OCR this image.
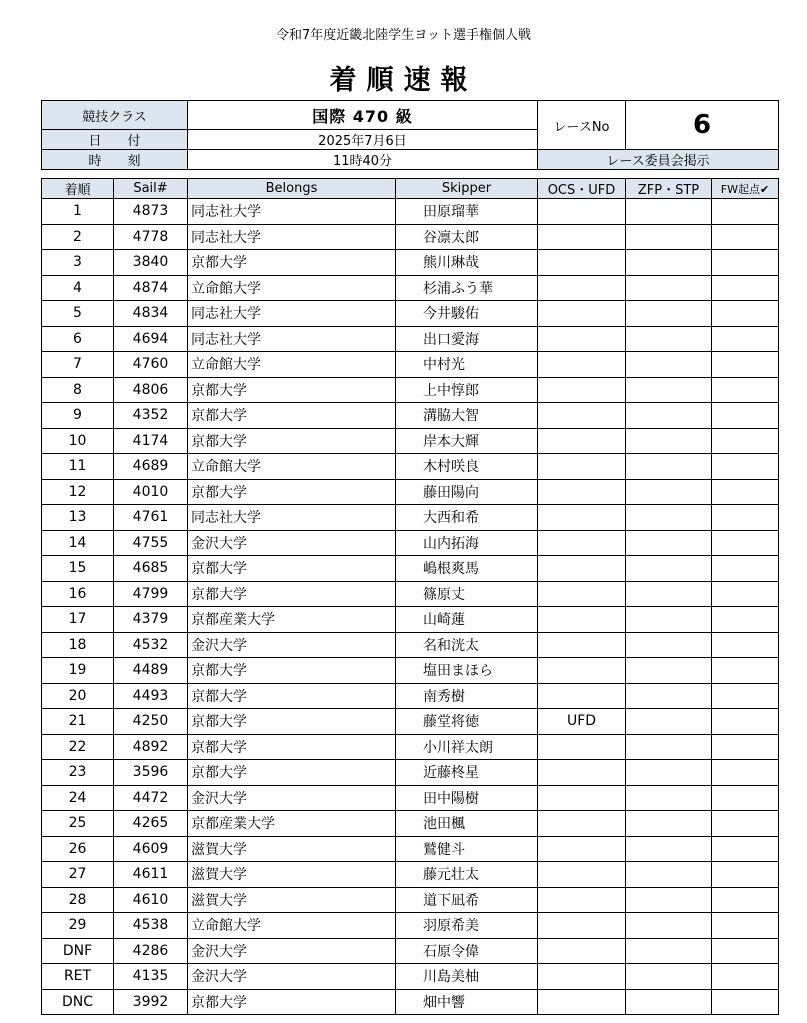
令和7年度近畿北陸学生ヨット選手権個人戦
着順速報
競技クラス	国際 470 級	レースNo	6
日　　付	2025年7月6日		
時　　刻	11時40分	レース委員会掲示	
着順	Sail#	Belongs	Skipper	OCS・UFD	ZFP・STP	FW起点✔
1	4873	同志社大学	田原瑠華			
2	4778	同志社大学	谷凛太郎			
3	3840	京都大学	熊川琳哉			
4	4874	立命館大学	杉浦ふう華			
5	4834	同志社大学	今井駿佑			
6	4694	同志社大学	出口愛海			
7	4760	立命館大学	中村光			
8	4806	京都大学	上中惇郎			
9	4352	京都大学	溝脇大智			
10	4174	京都大学	岸本大輝			
11	4689	立命館大学	木村咲良			
12	4010	京都大学	藤田陽向			
13	4761	同志社大学	大西和希			
14	4755	金沢大学	山内拓海			
15	4685	京都大学	嶋根爽馬			
16	4799	京都大学	篠原丈			
17	4379	京都産業大学	山崎蓮			
18	4532	金沢大学	名和洸太			
19	4489	京都大学	塩田まほら			
20	4493	京都大学	南秀樹			
21	4250	京都大学	藤堂将徳	UFD		
22	4892	京都大学	小川祥太朗			
23	3596	京都大学	近藤柊星			
24	4472	金沢大学	田中陽樹			
25	4265	京都産業大学	池田楓			
26	4609	滋賀大学	鷲健斗			
27	4611	滋賀大学	藤元壮太			
28	4610	滋賀大学	道下凪希			
29	4538	立命館大学	羽原希美			
DNF	4286	金沢大学	石原令偉			
RET	4135	金沢大学	川島美柚			
DNC	3992	京都大学	畑中響			
